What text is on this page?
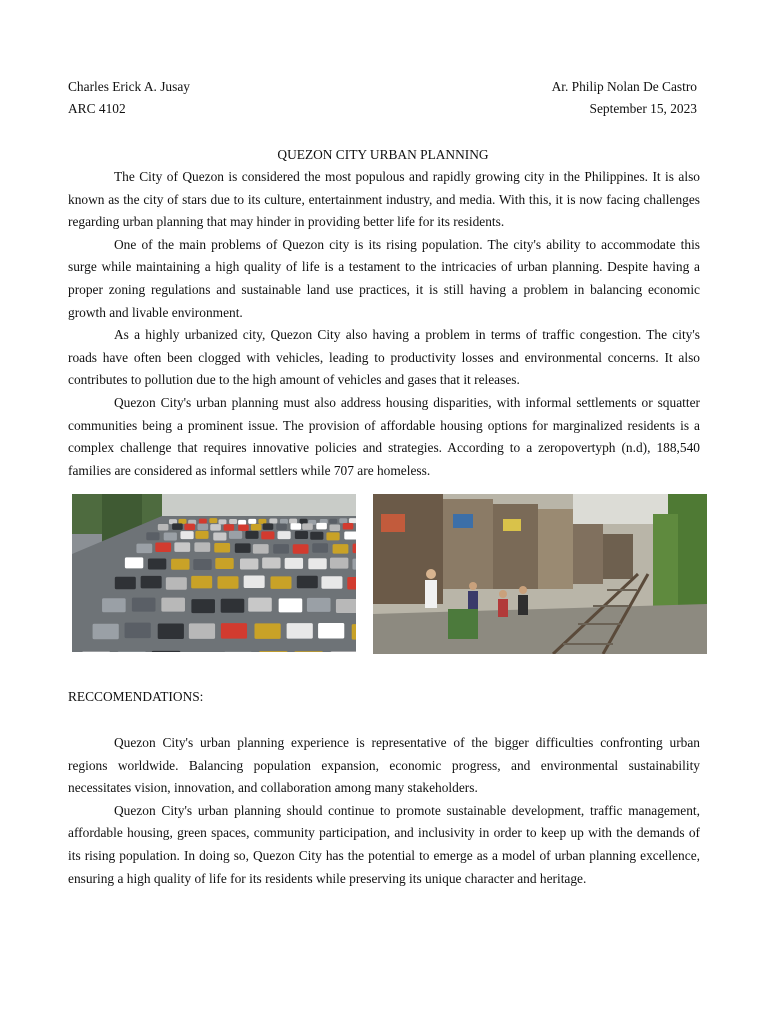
Charles Erick A. Jusay
ARC 4102
Ar. Philip Nolan De Castro
September 15, 2023
QUEZON CITY URBAN PLANNING

The City of Quezon is considered the most populous and rapidly growing city in the Philippines. It is also known as the city of stars due to its culture, entertainment industry, and media. With this, it is now facing challenges regarding urban planning that may hinder in providing better life for its residents.

One of the main problems of Quezon city is its rising population. The city's ability to accommodate this surge while maintaining a high quality of life is a testament to the intricacies of urban planning. Despite having a proper zoning regulations and sustainable land use practices, it is still having a problem in balancing economic growth and livable environment.

As a highly urbanized city, Quezon City also having a problem in terms of traffic congestion. The city's roads have often been clogged with vehicles, leading to productivity losses and environmental concerns. It also contributes to pollution due to the high amount of vehicles and gases that it releases.

Quezon City's urban planning must also address housing disparities, with informal settlements or squatter communities being a prominent issue. The provision of affordable housing options for marginalized residents is a complex challenge that requires innovative policies and strategies. According to a zeropovertyph (n.d), 188,540 families are considered as informal settlers while 707 are homeless.

RECCOMENDATIONS:

Quezon City's urban planning experience is representative of the bigger difficulties confronting urban regions worldwide. Balancing population expansion, economic progress, and environmental sustainability necessitates vision, innovation, and collaboration among many stakeholders.

Quezon City's urban planning should continue to promote sustainable development, traffic management, affordable housing, green spaces, community participation, and inclusivity in order to keep up with the demands of its rising population. In doing so, Quezon City has the potential to emerge as a model of urban planning excellence, ensuring a high quality of life for its residents while preserving its unique character and heritage.
